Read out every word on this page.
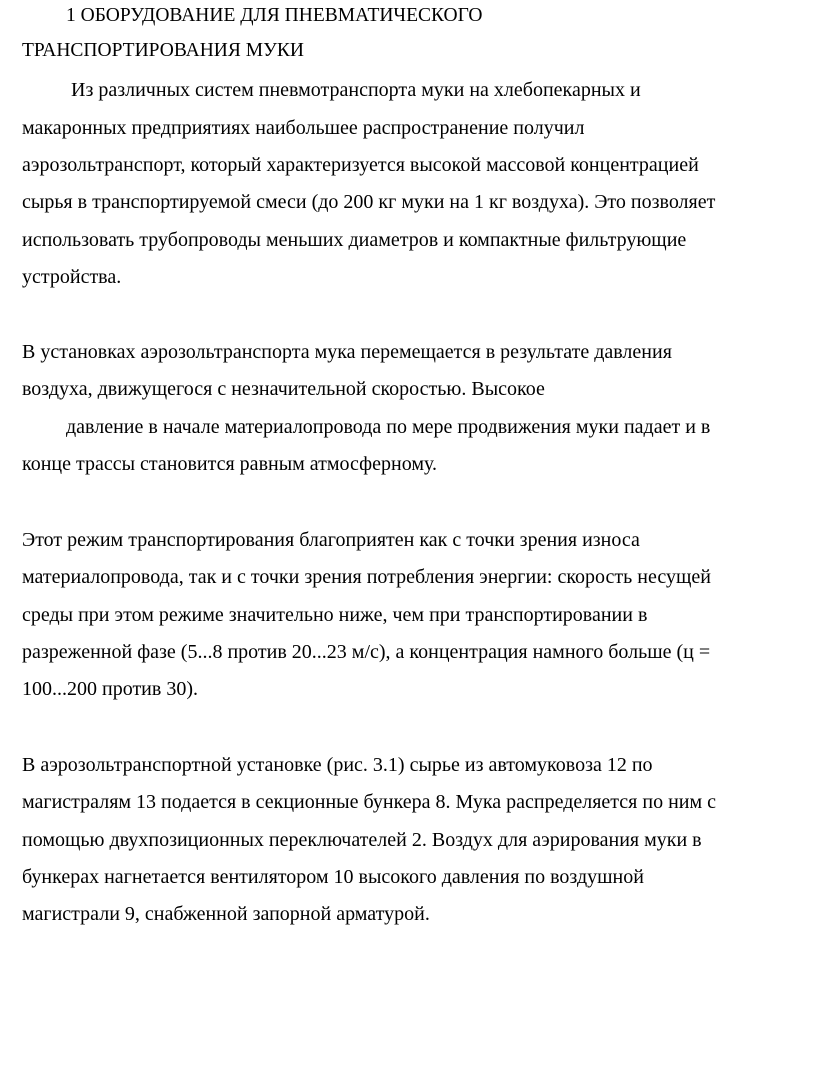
1 ОБОРУДОВАНИЕ ДЛЯ ПНЕВМАТИЧЕСКОГО
ТРАНСПОРТИРОВАНИЯ МУКИ
Из различных систем пневмотранспорта муки на хлебопекарных и
макаронных предприятиях наибольшее распространение получил
аэрозольтранспорт, который характеризуется высокой массовой концентрацией
сырья в транспортируемой смеси (до 200 кг муки на 1 кг воздуха). Это позволяет
использовать трубопроводы меньших диаметров и компактные фильтрующие
устройства.
В установках аэрозольтранспорта мука перемещается в результате давления
воздуха, движущегося с незначительной скоростью. Высокое
давление в начале материалопровода по мере продвижения муки падает и в
конце трассы становится равным атмосферному.
Этот режим транспортирования благоприятен как с точки зрения износа
материалопровода, так и с точки зрения потребления энергии: скорость несущей
среды при этом режиме значительно ниже, чем при транспортировании в
разреженной фазе (5...8 против 20...23 м/с), а концентрация намного больше (ц =
100...200 против 30).
В аэрозольтранспортной установке (рис. 3.1) сырье из автомуковоза 12 по
магистралям 13 подается в секционные бункера 8. Мука распределяется по ним с
помощью двухпозиционных переключателей 2. Воздух для аэрирования муки в
бункерах нагнетается вентилятором 10 высокого давления по воздушной
магистрали 9, снабженной запорной арматурой.
